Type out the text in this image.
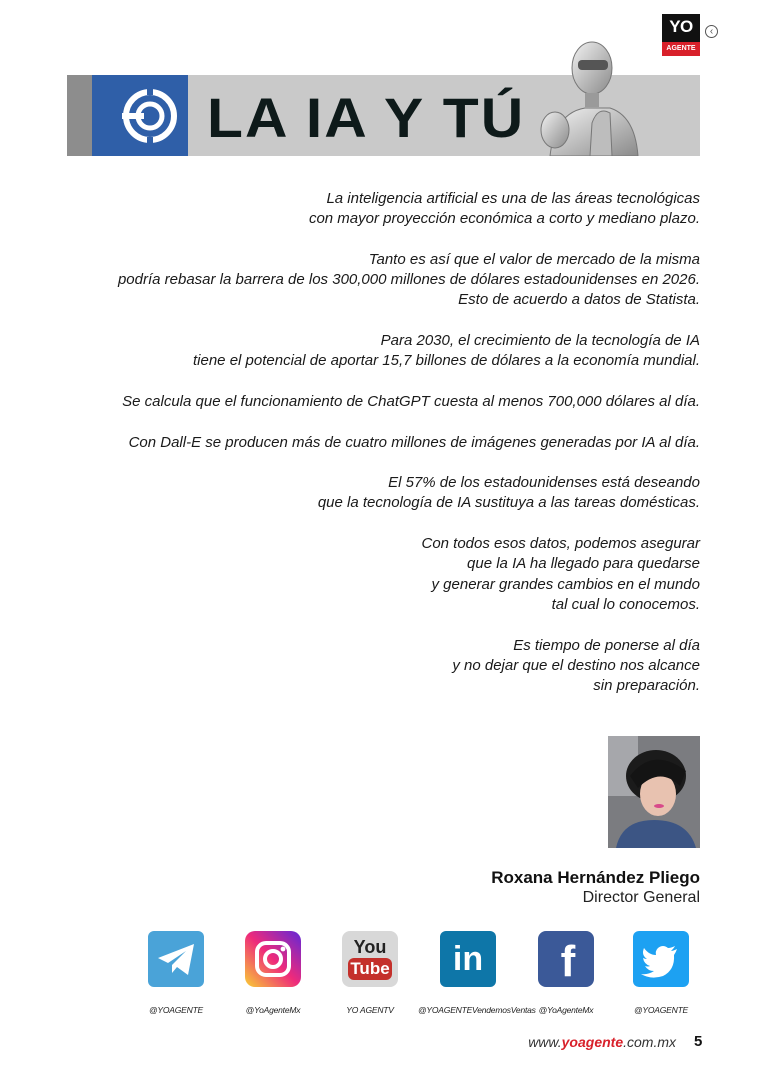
YO
AGENTE
‹
LA IA Y TÚ

La inteligencia artificial es una de las áreas tecnológicas
con mayor proyección económica a corto y mediano plazo.

Tanto es así que el valor de mercado de la misma
podría rebasar la barrera de los 300,000 millones de dólares estadounidenses en 2026.
Esto de acuerdo a datos de Statista.

Para 2030, el crecimiento de la tecnología de IA
tiene el potencial de aportar 15,7 billones de dólares a la economía mundial.

Se calcula que el funcionamiento de ChatGPT cuesta al menos 700,000 dólares al día.

Con Dall-E se producen más de cuatro millones de imágenes generadas por IA al día.

El 57% de los estadounidenses está deseando
que la tecnología de IA sustituya a las tareas domésticas.

Con todos esos datos, podemos asegurar
que la IA ha llegado para quedarse
y generar grandes cambios en el mundo
tal cual lo conocemos.

Es tiempo de ponerse al día
y no dejar que el destino nos alcance
sin preparación.

Roxana Hernández Pliego
Director General
@YOAGENTE	@YoAgenteMx
You
Tube
YO AGENTV
in
@YOAGENTEVendemosVentas
f
@YoAgenteMx	@YOAGENTE
www.yoagente.com.mx 5
